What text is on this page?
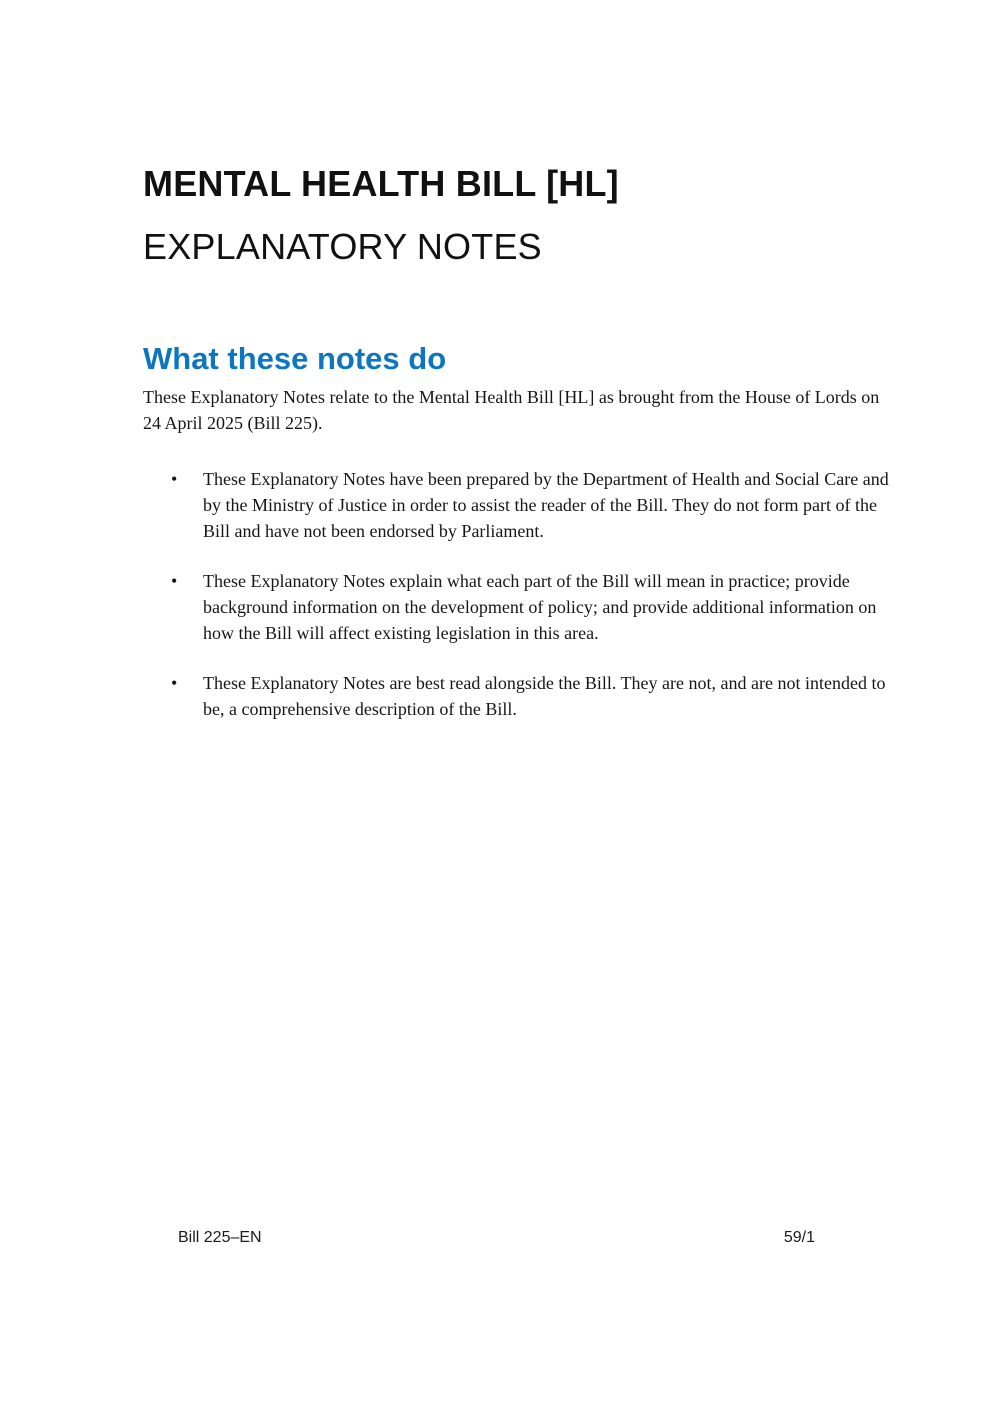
MENTAL HEALTH BILL [HL]
EXPLANATORY NOTES
What these notes do

These Explanatory Notes relate to the Mental Health Bill [HL] as brought from the House of Lords on 24 April 2025 (Bill 225).

• These Explanatory Notes have been prepared by the Department of Health and Social Care and by the Ministry of Justice in order to assist the reader of the Bill. They do not form part of the Bill and have not been endorsed by Parliament.
• These Explanatory Notes explain what each part of the Bill will mean in practice; provide background information on the development of policy; and provide additional information on how the Bill will affect existing legislation in this area.
• These Explanatory Notes are best read alongside the Bill. They are not, and are not intended to be, a comprehensive description of the Bill.
Bill 225–EN	59/1
